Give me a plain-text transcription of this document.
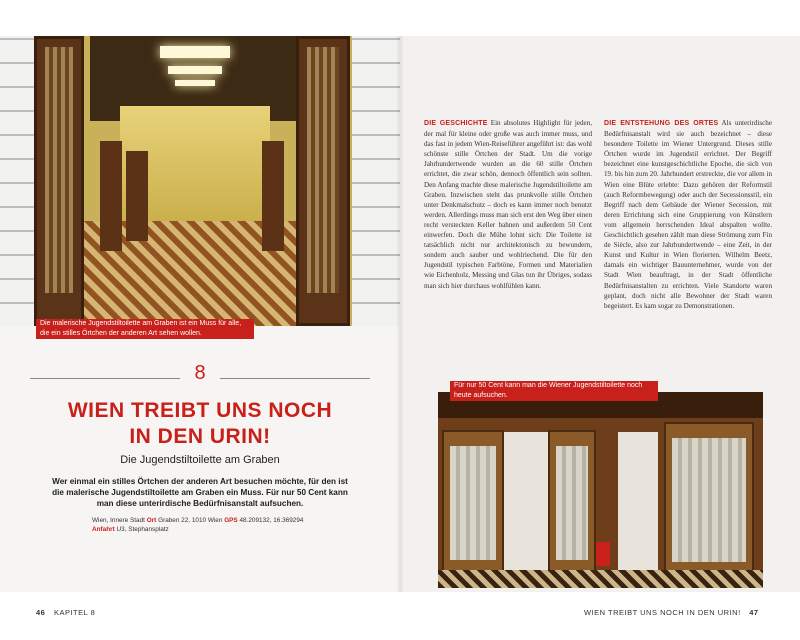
Die malerische Jugendstiltoilette am Graben ist ein Muss für alle, die ein stilles Örtchen der anderen Art sehen wollen.
8
WIEN TREIBT UNS NOCH
IN DEN URIN!
Die Jugendstiltoilette am Graben
Wer einmal ein stilles Örtchen der anderen Art besuchen möchte, für den ist die malerische Jugendstiltoilette am Graben ein Muss. Für nur 50 Cent kann man diese unterirdische Bedürfnisanstalt aufsuchen.
Wien, Innere Stadt Ort Graben 22, 1010 Wien GPS 48.209132, 16.369294
Anfahrt U3, Stephansplatz
46 KAPITEL 8
DIE GESCHICHTE Ein absolutes Highlight für jeden, der mal für kleine oder große was auch immer muss, und das fast in jedem Wien-Reiseführer angeführt ist: das wohl schönste stille Örtchen der Stadt. Um die vorige Jahrhundertwende wurden an die 60 stille Örtchen errichtet, die zwar schön, dennoch öffentlich sein sollten. Den Anfang machte diese malerische Jugendstiltoilette am Graben. Inzwischen steht das prunkvolle stille Örtchen unter Denkmalschutz – doch es kann immer noch benutzt werden. Allerdings muss man sich erst den Weg über einen recht versteckten Keller bahnen und außerdem 50 Cent einwerfen. Doch die Mühe lohnt sich: Die Toilette ist tatsächlich nicht nur architektonisch zu bewundern, sondern auch sauber und wohlriechend. Die für den Jugendstil typischen Farbtöne, Formen und Materialien wie Eichenholz, Messing und Glas tun ihr Übriges, sodass man sich hier durchaus wohlfühlen kann.
DIE ENTSTEHUNG DES ORTES Als unterirdische Bedürfnisanstalt wird sie auch bezeichnet – diese besondere Toilette im Wiener Untergrund. Dieses stille Örtchen wurde im Jugendstil errichtet. Der Begriff bezeichnet eine kunstgeschichtliche Epoche, die sich von 19. bis hin zum 20. Jahrhundert erstreckte, die vor allem in Wien eine Blüte erlebte: Dazu gehören der Reformstil (auch Reformbewegung) oder auch der Secessionsstil, ein Begriff nach dem Gebäude der Wiener Secession, mit deren Errichtung sich eine Gruppierung von Künstlern vom allgemein herrschenden Ideal abspalten wollte. Geschichtlich gesehen zählt man diese Strömung zum Fin de Siècle, also zur Jahrhundertwende – eine Zeit, in der Kunst und Kultur in Wien florierten. Wilhelm Beetz, damals ein wichtiger Bauunternehmer, wurde von der Stadt Wien beauftragt, in der Stadt öffentliche Bedürfnisanstalten zu errichten. Viele Standorte waren geplant, doch nicht alle Bewohner der Stadt waren begeistert. Es kam sogar zu Demonstrationen.
Für nur 50 Cent kann man die Wiener Jugendstiltoilette noch heute aufsuchen.
WIEN TREIBT UNS NOCH IN DEN URIN! 47
